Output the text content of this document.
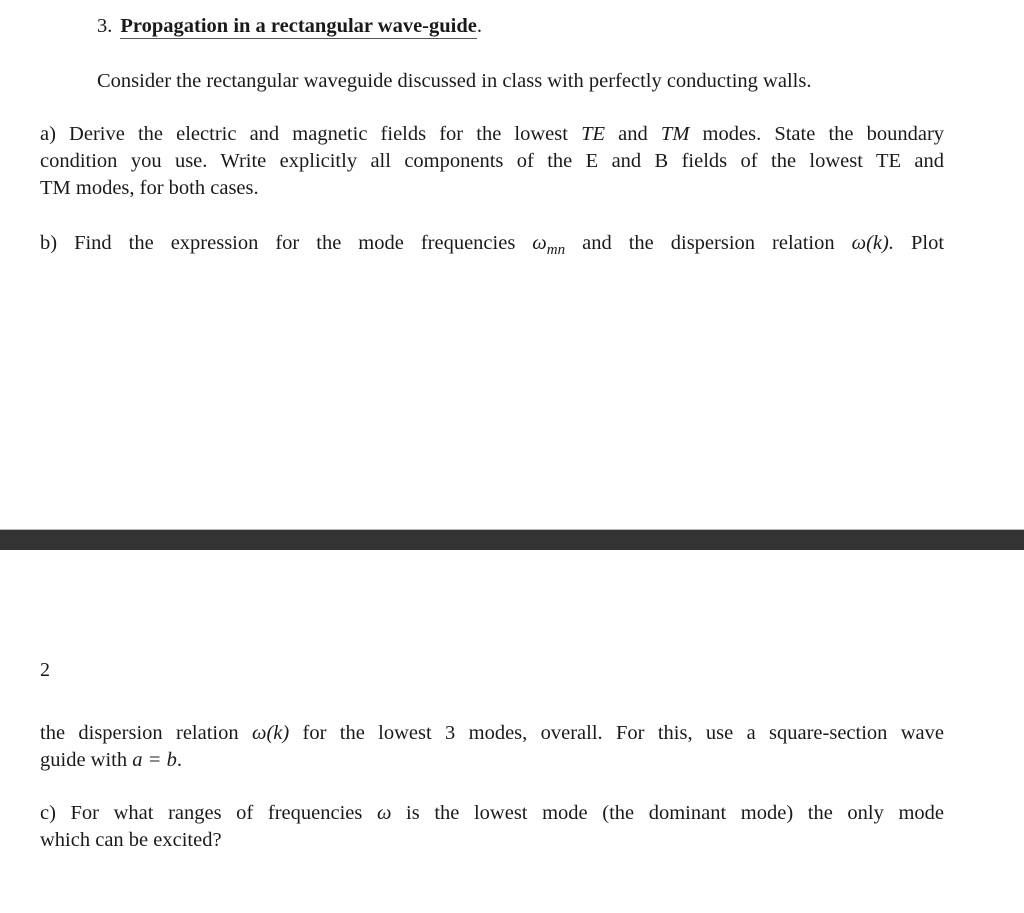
3. Propagation in a rectangular wave-guide.
Consider the rectangular waveguide discussed in class with perfectly conducting walls.
a) Derive the electric and magnetic fields for the lowest TE and TM modes. State the boundary
condition you use. Write explicitly all components of the E and B fields of the lowest TE and
TM modes, for both cases.
b) Find the expression for the mode frequencies $\omega_{mn}$ and the dispersion relation ω(k). Plot
2
the dispersion relation ω(k) for the lowest 3 modes, overall. For this, use a square-section wave
guide with a = b.
c) For what ranges of frequencies ω is the lowest mode (the dominant mode) the only mode
which can be excited?
